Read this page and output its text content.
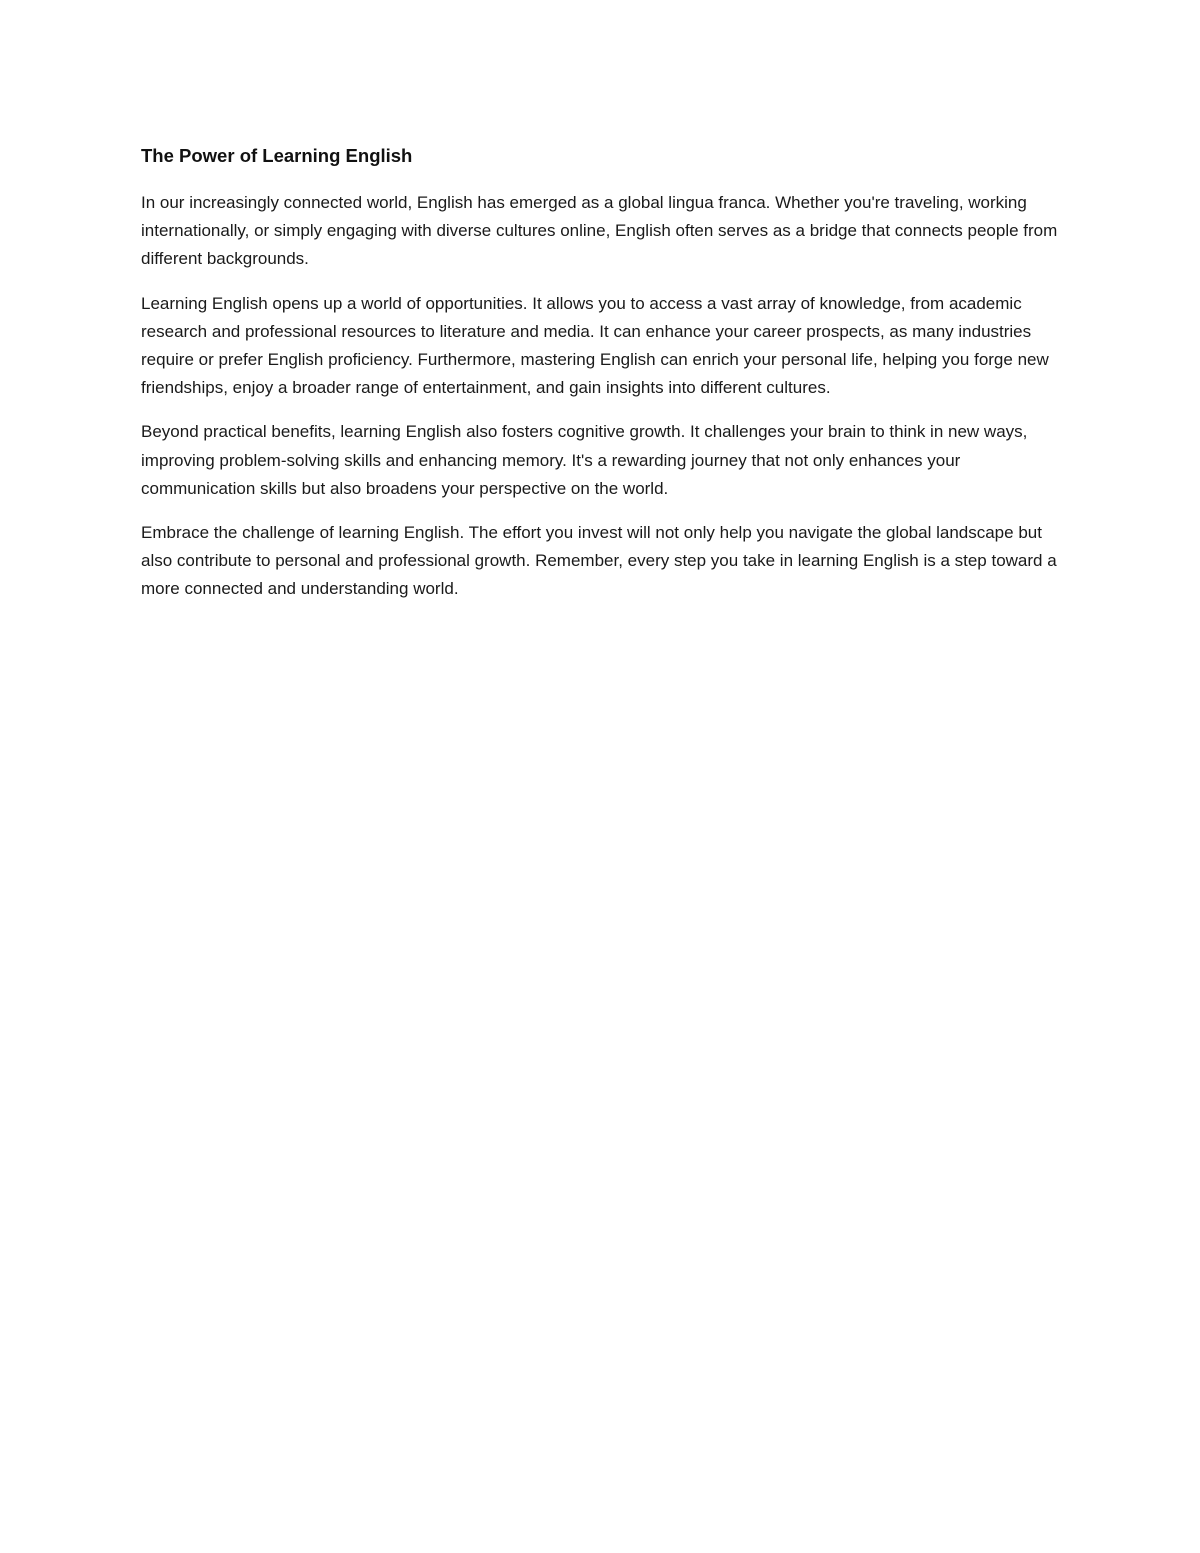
The Power of Learning English

In our increasingly connected world, English has emerged as a global lingua franca. Whether you're traveling, working internationally, or simply engaging with diverse cultures online, English often serves as a bridge that connects people from different backgrounds.

Learning English opens up a world of opportunities. It allows you to access a vast array of knowledge, from academic research and professional resources to literature and media. It can enhance your career prospects, as many industries require or prefer English proficiency. Furthermore, mastering English can enrich your personal life, helping you forge new friendships, enjoy a broader range of entertainment, and gain insights into different cultures.

Beyond practical benefits, learning English also fosters cognitive growth. It challenges your brain to think in new ways, improving problem-solving skills and enhancing memory. It's a rewarding journey that not only enhances your communication skills but also broadens your perspective on the world.

Embrace the challenge of learning English. The effort you invest will not only help you navigate the global landscape but also contribute to personal and professional growth. Remember, every step you take in learning English is a step toward a more connected and understanding world.
